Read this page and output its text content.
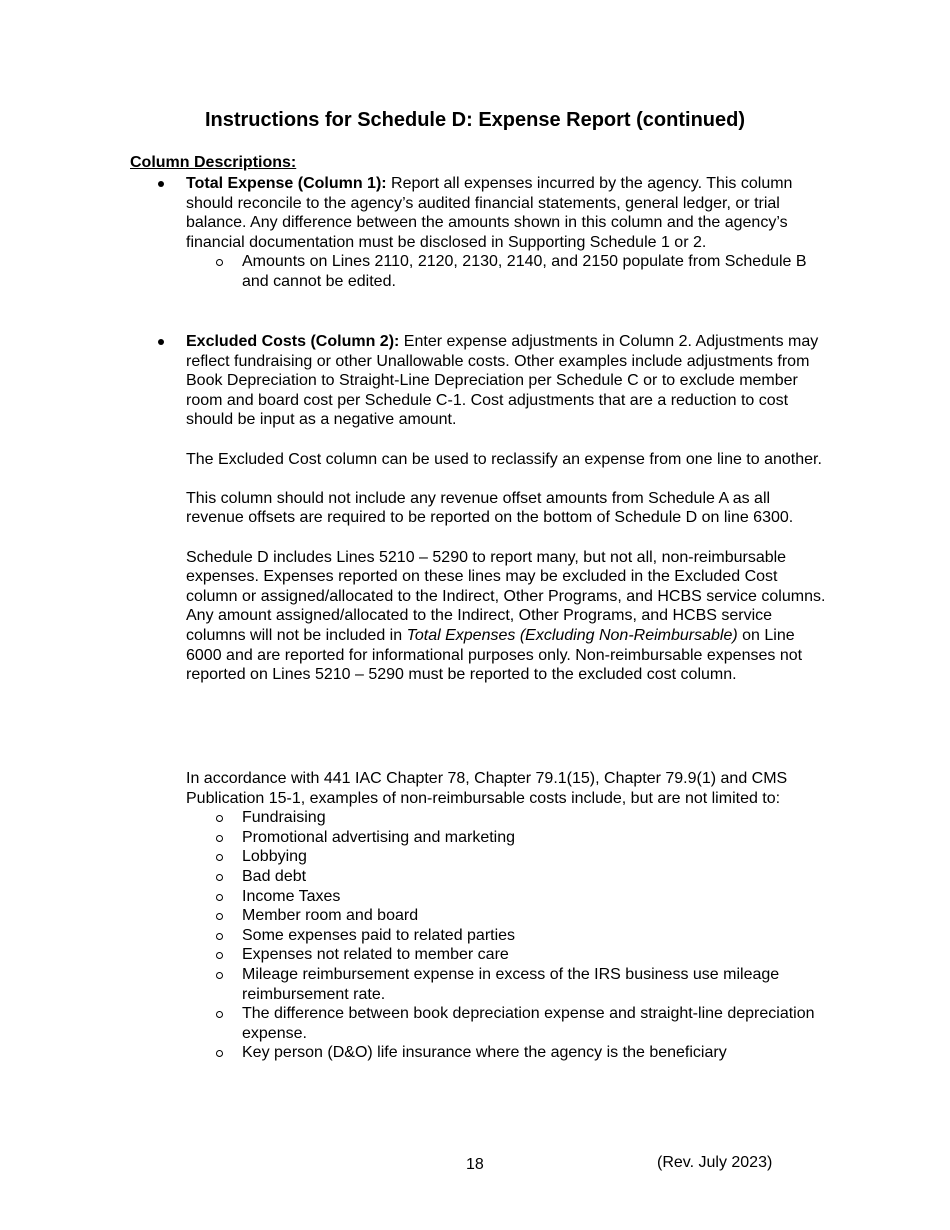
Instructions for Schedule D: Expense Report (continued)
Column Descriptions:

Total Expense (Column 1): Report all expenses incurred by the agency. This column should reconcile to the agency’s audited financial statements, general ledger, or trial balance. Any difference between the amounts shown in this column and the agency’s financial documentation must be disclosed in Supporting Schedule 1 or 2.

Amounts on Lines 2110, 2120, 2130, 2140, and 2150 populate from Schedule B and cannot be edited.

Excluded Costs (Column 2): Enter expense adjustments in Column 2. Adjustments may reflect fundraising or other Unallowable costs. Other examples include adjustments from Book Depreciation to Straight-Line Depreciation per Schedule C or to exclude member room and board cost per Schedule C-1. Cost adjustments that are a reduction to cost should be input as a negative amount.

The Excluded Cost column can be used to reclassify an expense from one line to another.

This column should not include any revenue offset amounts from Schedule A as all revenue offsets are required to be reported on the bottom of Schedule D on line 6300.

Schedule D includes Lines 5210 – 5290 to report many, but not all, non-reimbursable expenses. Expenses reported on these lines may be excluded in the Excluded Cost column or assigned/allocated to the Indirect, Other Programs, and HCBS service columns. Any amount assigned/allocated to the Indirect, Other Programs, and HCBS service columns will not be included in Total Expenses (Excluding Non-Reimbursable) on Line 6000 and are reported for informational purposes only. Non-reimbursable expenses not reported on Lines 5210 – 5290 must be reported to the excluded cost column.

In accordance with 441 IAC Chapter 78, Chapter 79.1(15), Chapter 79.9(1) and CMS Publication 15-1, examples of non-reimbursable costs include, but are not limited to:

Fundraising
Promotional advertising and marketing
Lobbying
Bad debt
Income Taxes
Member room and board
Some expenses paid to related parties
Expenses not related to member care
Mileage reimbursement expense in excess of the IRS business use mileage reimbursement rate.
The difference between book depreciation expense and straight-line depreciation expense.
Key person (D&O) life insurance where the agency is the beneficiary
18	(Rev. July 2023)
